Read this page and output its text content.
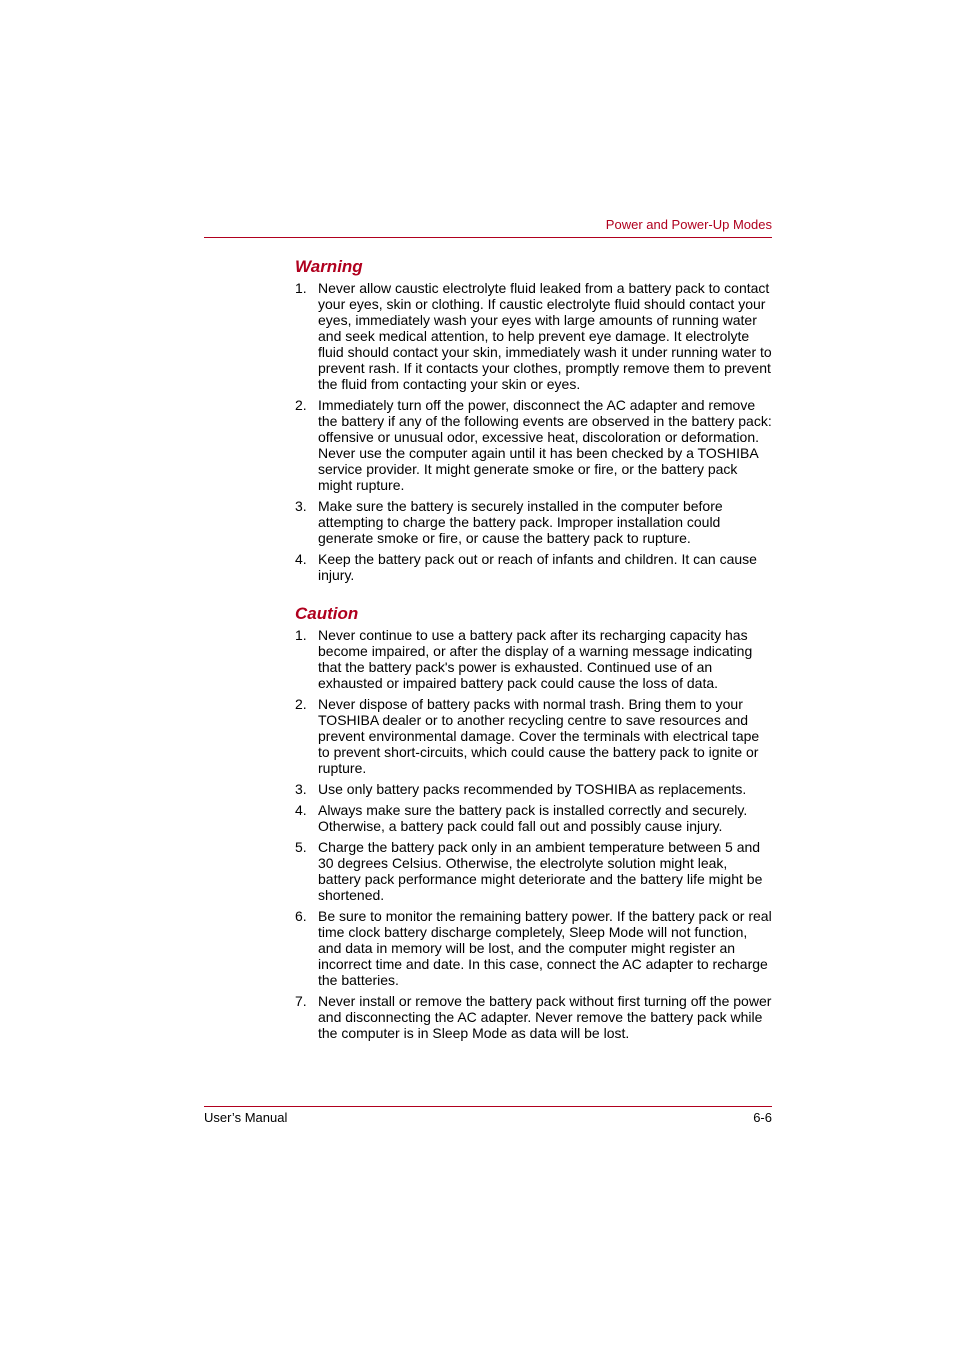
Power and Power-Up Modes
Warning
1. Never allow caustic electrolyte fluid leaked from a battery pack to contact your eyes, skin or clothing. If caustic electrolyte fluid should contact your eyes, immediately wash your eyes with large amounts of running water and seek medical attention, to help prevent eye damage. It electrolyte fluid should contact your skin, immediately wash it under running water to prevent rash. If it contacts your clothes, promptly remove them to prevent the fluid from contacting your skin or eyes.
2. Immediately turn off the power, disconnect the AC adapter and remove the battery if any of the following events are observed in the battery pack: offensive or unusual odor, excessive heat, discoloration or deformation. Never use the computer again until it has been checked by a TOSHIBA service provider. It might generate smoke or fire, or the battery pack might rupture.
3. Make sure the battery is securely installed in the computer before attempting to charge the battery pack. Improper installation could generate smoke or fire, or cause the battery pack to rupture.
4. Keep the battery pack out or reach of infants and children. It can cause injury.
Caution
1. Never continue to use a battery pack after its recharging capacity has become impaired, or after the display of a warning message indicating that the battery pack's power is exhausted. Continued use of an exhausted or impaired battery pack could cause the loss of data.
2. Never dispose of battery packs with normal trash. Bring them to your TOSHIBA dealer or to another recycling centre to save resources and prevent environmental damage. Cover the terminals with electrical tape to prevent short-circuits, which could cause the battery pack to ignite or rupture.
3. Use only battery packs recommended by TOSHIBA as replacements.
4. Always make sure the battery pack is installed correctly and securely. Otherwise, a battery pack could fall out and possibly cause injury.
5. Charge the battery pack only in an ambient temperature between 5 and 30 degrees Celsius. Otherwise, the electrolyte solution might leak, battery pack performance might deteriorate and the battery life might be shortened.
6. Be sure to monitor the remaining battery power. If the battery pack or real time clock battery discharge completely, Sleep Mode will not function, and data in memory will be lost, and the computer might register an incorrect time and date. In this case, connect the AC adapter to recharge the batteries.
7. Never install or remove the battery pack without first turning off the power and disconnecting the AC adapter. Never remove the battery pack while the computer is in Sleep Mode as data will be lost.
User’s Manual	6-6
